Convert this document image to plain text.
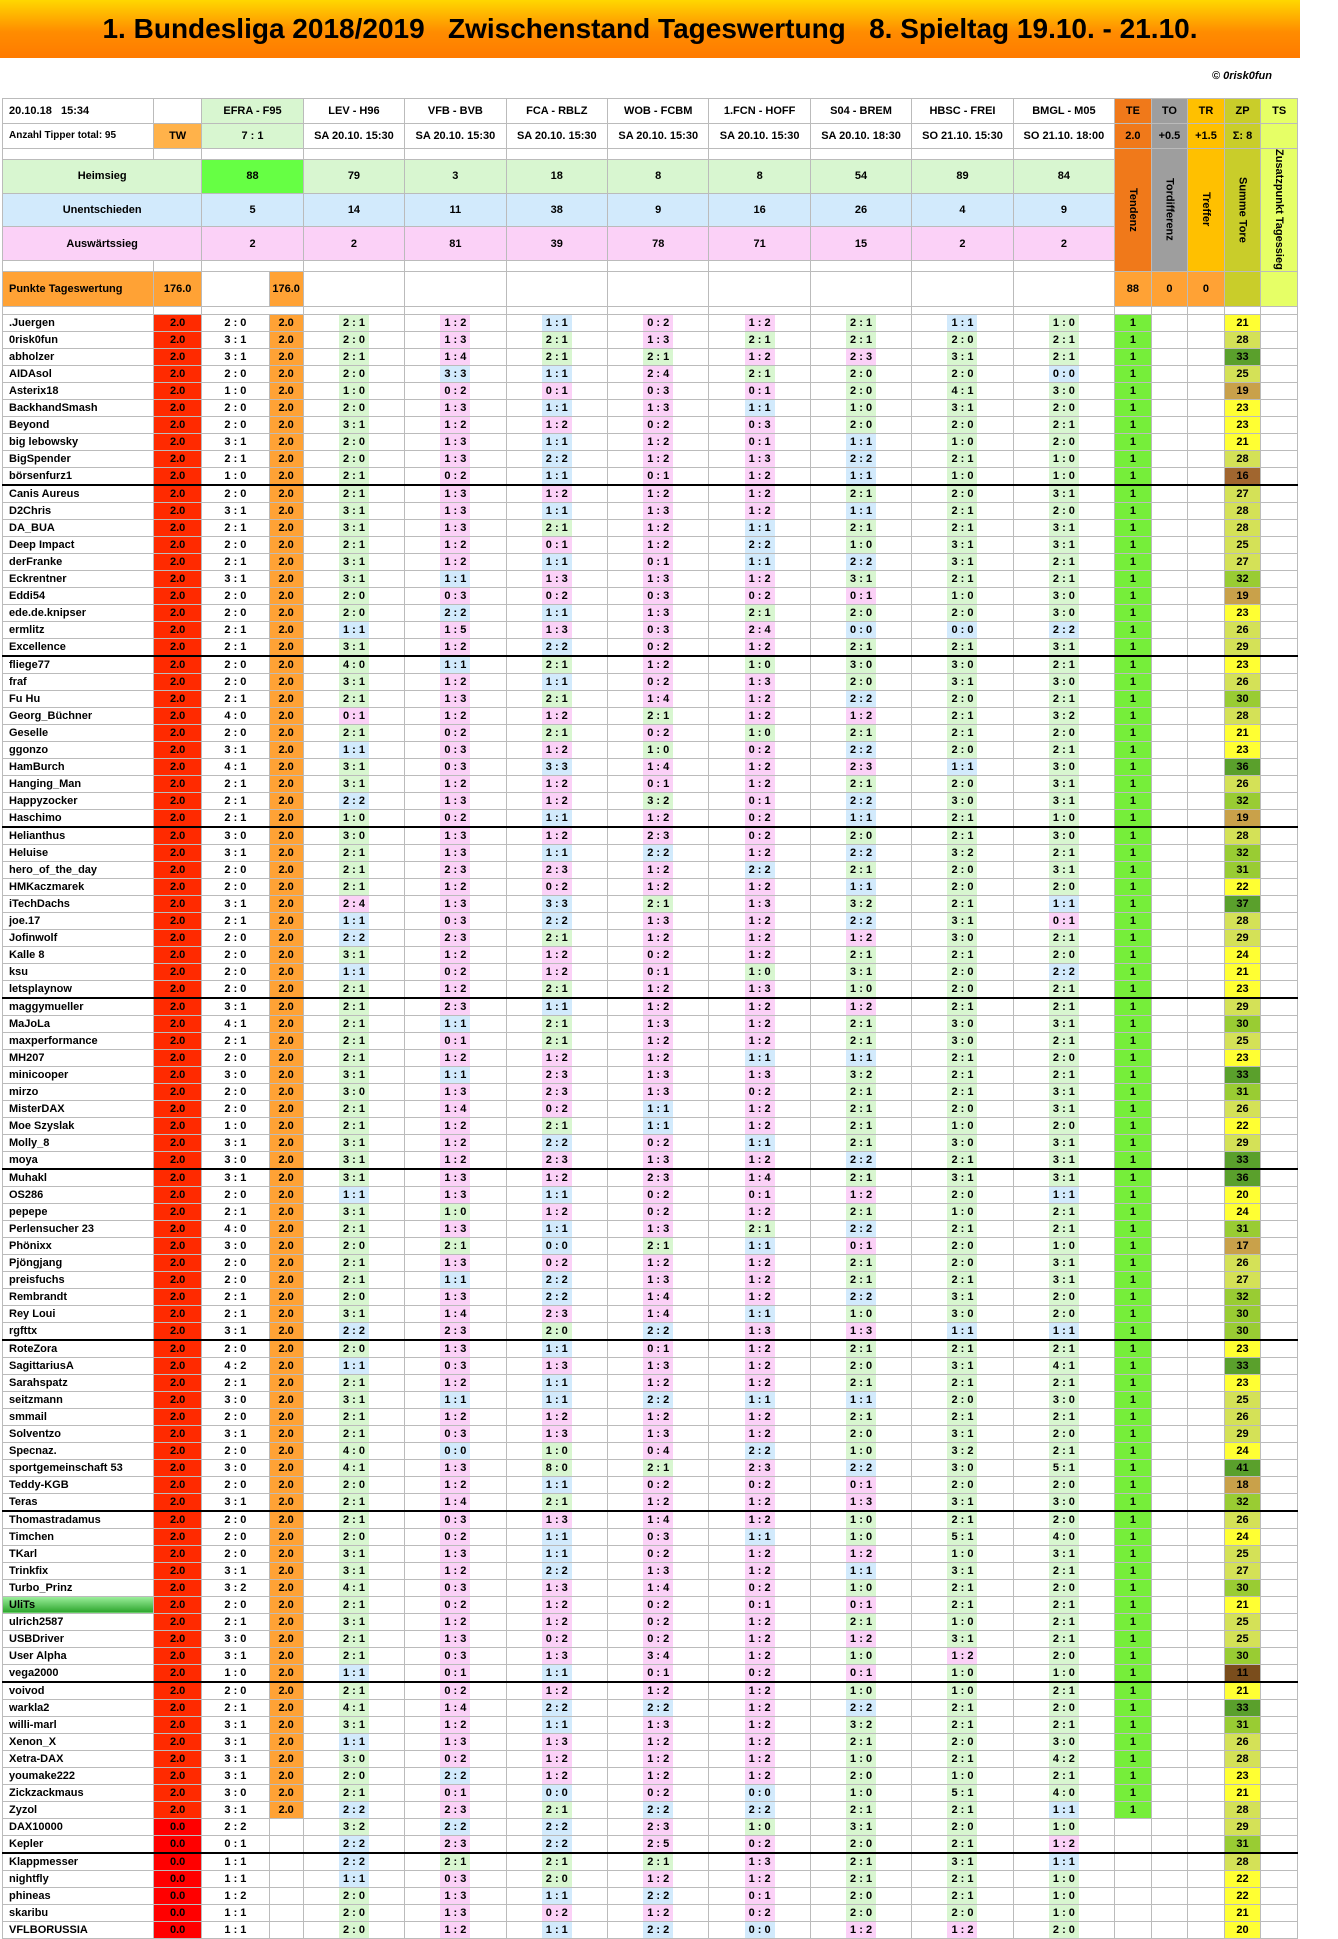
1. Bundesliga 2018/2019   Zwischenstand Tageswertung   8. Spieltag 19.10. - 21.10.
© 0risk0fun
20.10.18 15:34		EFRA - F95		LEV - H96	VFB - BVB	FCA - RBLZ	WOB - FCBM	1.FCN - HOFF	S04 - BREM	HBSC - FREI	BMGL - M05	TE	TO	TR	ZP	TS
Anzahl Tipper total: 95	TW	7 : 1		SA 20.10. 15:30	SA 20.10. 15:30	SA 20.10. 15:30	SA 20.10. 15:30	SA 20.10. 15:30	SA 20.10. 18:30	SO 21.10. 15:30	SO 21.10. 18:00	2.0	+0.5	+1.5	Σ: 8	
												Tendenz	Tordifferenz	Treffer	Summe Tore	Zusatzpunkt Tagessieg
Heimsieg		88		79	3	18	8	8	54	89	84					
Unentschieden		5		14	11	38	9	16	26	4	9					
Auswärtssieg		2		2	81	39	78	71	15	2	2					

Punkte Tageswertung	176.0		176.0									88	0	0		

.Juergen	2.0	2 : 0	2.0	2 : 1	1 : 2	1 : 1	0 : 2	1 : 2	2 : 1	1 : 1	1 : 0	1			21	
0risk0fun	2.0	3 : 1	2.0	2 : 0	1 : 3	2 : 1	1 : 3	2 : 1	2 : 1	2 : 0	2 : 1	1			28	
abholzer	2.0	3 : 1	2.0	2 : 1	1 : 4	2 : 1	2 : 1	1 : 2	2 : 3	3 : 1	2 : 1	1			33	
AIDAsol	2.0	2 : 0	2.0	2 : 0	3 : 3	1 : 1	2 : 4	2 : 1	2 : 0	2 : 0	0 : 0	1			25	
Asterix18	2.0	1 : 0	2.0	1 : 0	0 : 2	0 : 1	0 : 3	0 : 1	2 : 0	4 : 1	3 : 0	1			19	
BackhandSmash	2.0	2 : 0	2.0	2 : 0	1 : 3	1 : 1	1 : 3	1 : 1	1 : 0	3 : 1	2 : 0	1			23	
Beyond	2.0	2 : 0	2.0	3 : 1	1 : 2	1 : 2	0 : 2	0 : 3	2 : 0	2 : 0	2 : 1	1			23	
big lebowsky	2.0	3 : 1	2.0	2 : 0	1 : 3	1 : 1	1 : 2	0 : 1	1 : 1	1 : 0	2 : 0	1			21	
BigSpender	2.0	2 : 1	2.0	2 : 0	1 : 3	2 : 2	1 : 2	1 : 3	2 : 2	2 : 1	1 : 0	1			28	
börsenfurz1	2.0	1 : 0	2.0	2 : 1	0 : 2	1 : 1	0 : 1	1 : 2	1 : 1	1 : 0	1 : 0	1			16	
Canis Aureus	2.0	2 : 0	2.0	2 : 1	1 : 3	1 : 2	1 : 2	1 : 2	2 : 1	2 : 0	3 : 1	1			27	
D2Chris	2.0	3 : 1	2.0	3 : 1	1 : 3	1 : 1	1 : 3	1 : 2	1 : 1	2 : 1	2 : 0	1			28	
DA_BUA	2.0	2 : 1	2.0	3 : 1	1 : 3	2 : 1	1 : 2	1 : 1	2 : 1	2 : 1	3 : 1	1			28	
Deep Impact	2.0	2 : 0	2.0	2 : 1	1 : 2	0 : 1	1 : 2	2 : 2	1 : 0	3 : 1	3 : 1	1			25	
derFranke	2.0	2 : 1	2.0	3 : 1	1 : 2	1 : 1	0 : 1	1 : 1	2 : 2	3 : 1	2 : 1	1			27	
Eckrentner	2.0	3 : 1	2.0	3 : 1	1 : 1	1 : 3	1 : 3	1 : 2	3 : 1	2 : 1	2 : 1	1			32	
Eddi54	2.0	2 : 0	2.0	2 : 0	0 : 3	0 : 2	0 : 3	0 : 2	0 : 1	1 : 0	3 : 0	1			19	
ede.de.knipser	2.0	2 : 0	2.0	2 : 0	2 : 2	1 : 1	1 : 3	2 : 1	2 : 0	2 : 0	3 : 0	1			23	
ermlitz	2.0	2 : 1	2.0	1 : 1	1 : 5	1 : 3	0 : 3	2 : 4	0 : 0	0 : 0	2 : 2	1			26	
Excellence	2.0	2 : 1	2.0	3 : 1	1 : 2	2 : 2	0 : 2	1 : 2	2 : 1	2 : 1	3 : 1	1			29	
fliege77	2.0	2 : 0	2.0	4 : 0	1 : 1	2 : 1	1 : 2	1 : 0	3 : 0	3 : 0	2 : 1	1			23	
fraf	2.0	2 : 0	2.0	3 : 1	1 : 2	1 : 1	0 : 2	1 : 3	2 : 0	3 : 1	3 : 0	1			26	
Fu Hu	2.0	2 : 1	2.0	2 : 1	1 : 3	2 : 1	1 : 4	1 : 2	2 : 2	2 : 0	2 : 1	1			30	
Georg_Büchner	2.0	4 : 0	2.0	0 : 1	1 : 2	1 : 2	2 : 1	1 : 2	1 : 2	2 : 1	3 : 2	1			28	
Geselle	2.0	2 : 0	2.0	2 : 1	0 : 2	2 : 1	0 : 2	1 : 0	2 : 1	2 : 1	2 : 0	1			21	
ggonzo	2.0	3 : 1	2.0	1 : 1	0 : 3	1 : 2	1 : 0	0 : 2	2 : 2	2 : 0	2 : 1	1			23	
HamBurch	2.0	4 : 1	2.0	3 : 1	0 : 3	3 : 3	1 : 4	1 : 2	2 : 3	1 : 1	3 : 0	1			36	
Hanging_Man	2.0	2 : 1	2.0	3 : 1	1 : 2	1 : 2	0 : 1	1 : 2	2 : 1	2 : 0	3 : 1	1			26	
Happyzocker	2.0	2 : 1	2.0	2 : 2	1 : 3	1 : 2	3 : 2	0 : 1	2 : 2	3 : 0	3 : 1	1			32	
Haschimo	2.0	2 : 1	2.0	1 : 0	0 : 2	1 : 1	1 : 2	0 : 2	1 : 1	2 : 1	1 : 0	1			19	
Helianthus	2.0	3 : 0	2.0	3 : 0	1 : 3	1 : 2	2 : 3	0 : 2	2 : 0	2 : 1	3 : 0	1			28	
Heluise	2.0	3 : 1	2.0	2 : 1	1 : 3	1 : 1	2 : 2	1 : 2	2 : 2	3 : 2	2 : 1	1			32	
hero_of_the_day	2.0	2 : 0	2.0	2 : 1	2 : 3	2 : 3	1 : 2	2 : 2	2 : 1	2 : 0	3 : 1	1			31	
HMKaczmarek	2.0	2 : 0	2.0	2 : 1	1 : 2	0 : 2	1 : 2	1 : 2	1 : 1	2 : 0	2 : 0	1			22	
iTechDachs	2.0	3 : 1	2.0	2 : 4	1 : 3	3 : 3	2 : 1	1 : 3	3 : 2	2 : 1	1 : 1	1			37	
joe.17	2.0	2 : 1	2.0	1 : 1	0 : 3	2 : 2	1 : 3	1 : 2	2 : 2	3 : 1	0 : 1	1			28	
Jofinwolf	2.0	2 : 0	2.0	2 : 2	2 : 3	2 : 1	1 : 2	1 : 2	1 : 2	3 : 0	2 : 1	1			29	
Kalle 8	2.0	2 : 0	2.0	3 : 1	1 : 2	1 : 2	0 : 2	1 : 2	2 : 1	2 : 1	2 : 0	1			24	
ksu	2.0	2 : 0	2.0	1 : 1	0 : 2	1 : 2	0 : 1	1 : 0	3 : 1	2 : 0	2 : 2	1			21	
letsplaynow	2.0	2 : 0	2.0	2 : 1	1 : 2	2 : 1	1 : 2	1 : 3	1 : 0	2 : 0	2 : 1	1			23	
maggymueller	2.0	3 : 1	2.0	2 : 1	2 : 3	1 : 1	1 : 2	1 : 2	1 : 2	2 : 1	2 : 1	1			29	
MaJoLa	2.0	4 : 1	2.0	2 : 1	1 : 1	2 : 1	1 : 3	1 : 2	2 : 1	3 : 0	3 : 1	1			30	
maxperformance	2.0	2 : 1	2.0	2 : 1	0 : 1	2 : 1	1 : 2	1 : 2	2 : 1	3 : 0	2 : 1	1			25	
MH207	2.0	2 : 0	2.0	2 : 1	1 : 2	1 : 2	1 : 2	1 : 1	1 : 1	2 : 1	2 : 0	1			23	
minicooper	2.0	3 : 0	2.0	3 : 1	1 : 1	2 : 3	1 : 3	1 : 3	3 : 2	2 : 1	2 : 1	1			33	
mirzo	2.0	2 : 0	2.0	3 : 0	1 : 3	2 : 3	1 : 3	0 : 2	2 : 1	2 : 1	3 : 1	1			31	
MisterDAX	2.0	2 : 0	2.0	2 : 1	1 : 4	0 : 2	1 : 1	1 : 2	2 : 1	2 : 0	3 : 1	1			26	
Moe Szyslak	2.0	1 : 0	2.0	2 : 1	1 : 2	2 : 1	1 : 1	1 : 2	2 : 1	1 : 0	2 : 0	1			22	
Molly_8	2.0	3 : 1	2.0	3 : 1	1 : 2	2 : 2	0 : 2	1 : 1	2 : 1	3 : 0	3 : 1	1			29	
moya	2.0	3 : 0	2.0	3 : 1	1 : 2	2 : 3	1 : 3	1 : 2	2 : 2	2 : 1	3 : 1	1			33	
Muhakl	2.0	3 : 1	2.0	3 : 1	1 : 3	1 : 2	2 : 3	1 : 4	2 : 1	3 : 1	3 : 1	1			36	
OS286	2.0	2 : 0	2.0	1 : 1	1 : 3	1 : 1	0 : 2	0 : 1	1 : 2	2 : 0	1 : 1	1			20	
pepepe	2.0	2 : 1	2.0	3 : 1	1 : 0	1 : 2	0 : 2	1 : 2	2 : 1	1 : 0	2 : 1	1			24	
Perlensucher 23	2.0	4 : 0	2.0	2 : 1	1 : 3	1 : 1	1 : 3	2 : 1	2 : 2	2 : 1	2 : 1	1			31	
Phönixx	2.0	3 : 0	2.0	2 : 0	2 : 1	0 : 0	2 : 1	1 : 1	0 : 1	2 : 0	1 : 0	1			17	
Pjöngjang	2.0	2 : 0	2.0	2 : 1	1 : 3	0 : 2	1 : 2	1 : 2	2 : 1	2 : 0	3 : 1	1			26	
preisfuchs	2.0	2 : 0	2.0	2 : 1	1 : 1	2 : 2	1 : 3	1 : 2	2 : 1	2 : 1	3 : 1	1			27	
Rembrandt	2.0	2 : 1	2.0	2 : 0	1 : 3	2 : 2	1 : 4	1 : 2	2 : 2	3 : 1	2 : 0	1			32	
Rey Loui	2.0	2 : 1	2.0	3 : 1	1 : 4	2 : 3	1 : 4	1 : 1	1 : 0	3 : 0	2 : 0	1			30	
rgfttx	2.0	3 : 1	2.0	2 : 2	2 : 3	2 : 0	2 : 2	1 : 3	1 : 3	1 : 1	1 : 1	1			30	
RoteZora	2.0	2 : 0	2.0	2 : 0	1 : 3	1 : 1	0 : 1	1 : 2	2 : 1	2 : 1	2 : 1	1			23	
SagittariusA	2.0	4 : 2	2.0	1 : 1	0 : 3	1 : 3	1 : 3	1 : 2	2 : 0	3 : 1	4 : 1	1			33	
Sarahspatz	2.0	2 : 1	2.0	2 : 1	1 : 2	1 : 1	1 : 2	1 : 2	2 : 1	2 : 1	2 : 1	1			23	
seitzmann	2.0	3 : 0	2.0	3 : 1	1 : 1	1 : 1	2 : 2	1 : 1	1 : 1	2 : 0	3 : 0	1			25	
smmail	2.0	2 : 0	2.0	2 : 1	1 : 2	1 : 2	1 : 2	1 : 2	2 : 1	2 : 1	2 : 1	1			26	
Solventzo	2.0	3 : 1	2.0	2 : 1	0 : 3	1 : 3	1 : 3	1 : 2	2 : 0	3 : 1	2 : 0	1			29	
Specnaz.	2.0	2 : 0	2.0	4 : 0	0 : 0	1 : 0	0 : 4	2 : 2	1 : 0	3 : 2	2 : 1	1			24	
sportgemeinschaft 53	2.0	3 : 0	2.0	4 : 1	1 : 3	8 : 0	2 : 1	2 : 3	2 : 2	3 : 0	5 : 1	1			41	
Teddy-KGB	2.0	2 : 0	2.0	2 : 0	1 : 2	1 : 1	0 : 2	0 : 2	0 : 1	2 : 0	2 : 0	1			18	
Teras	2.0	3 : 1	2.0	2 : 1	1 : 4	2 : 1	1 : 2	1 : 2	1 : 3	3 : 1	3 : 0	1			32	
Thomastradamus	2.0	2 : 0	2.0	2 : 1	0 : 3	1 : 3	1 : 4	1 : 2	1 : 0	2 : 1	2 : 0	1			26	
Timchen	2.0	2 : 0	2.0	2 : 0	0 : 2	1 : 1	0 : 3	1 : 1	1 : 0	5 : 1	4 : 0	1			24	
TKarl	2.0	2 : 0	2.0	3 : 1	1 : 3	1 : 1	0 : 2	1 : 2	1 : 2	1 : 0	3 : 1	1			25	
Trinkfix	2.0	3 : 1	2.0	3 : 1	1 : 2	2 : 2	1 : 3	1 : 2	1 : 1	3 : 1	2 : 1	1			27	
Turbo_Prinz	2.0	3 : 2	2.0	4 : 1	0 : 3	1 : 3	1 : 4	0 : 2	1 : 0	2 : 1	2 : 0	1			30	
UliTs	2.0	2 : 0	2.0	2 : 1	0 : 2	1 : 2	0 : 2	0 : 1	0 : 1	2 : 1	2 : 1	1			21	
ulrich2587	2.0	2 : 1	2.0	3 : 1	1 : 2	1 : 2	0 : 2	1 : 2	2 : 1	1 : 0	2 : 1	1			25	
USBDriver	2.0	3 : 0	2.0	2 : 1	1 : 3	0 : 2	0 : 2	1 : 2	1 : 2	3 : 1	2 : 1	1			25	
User Alpha	2.0	3 : 1	2.0	2 : 1	0 : 3	1 : 3	3 : 4	1 : 2	1 : 0	1 : 2	2 : 0	1			30	
vega2000	2.0	1 : 0	2.0	1 : 1	0 : 1	1 : 1	0 : 1	0 : 2	0 : 1	1 : 0	1 : 0	1			11	
voivod	2.0	2 : 0	2.0	2 : 1	0 : 2	1 : 2	1 : 2	1 : 2	1 : 0	1 : 0	2 : 1	1			21	
warkla2	2.0	2 : 1	2.0	4 : 1	1 : 4	2 : 2	2 : 2	1 : 2	2 : 2	2 : 1	2 : 0	1			33	
willi-marl	2.0	3 : 1	2.0	3 : 1	1 : 2	1 : 1	1 : 3	1 : 2	3 : 2	2 : 1	2 : 1	1			31	
Xenon_X	2.0	3 : 1	2.0	1 : 1	1 : 3	1 : 3	1 : 2	1 : 2	2 : 1	2 : 0	3 : 0	1			26	
Xetra-DAX	2.0	3 : 1	2.0	3 : 0	0 : 2	1 : 2	1 : 2	1 : 2	1 : 0	2 : 1	4 : 2	1			28	
youmake222	2.0	3 : 1	2.0	2 : 0	2 : 2	1 : 2	1 : 2	1 : 2	2 : 0	1 : 0	2 : 1	1			23	
Zickzackmaus	2.0	3 : 0	2.0	2 : 1	0 : 1	0 : 0	0 : 2	0 : 0	1 : 0	5 : 1	4 : 0	1			21	
Zyzol	2.0	3 : 1	2.0	2 : 2	2 : 3	2 : 1	2 : 2	2 : 2	2 : 1	2 : 1	1 : 1	1			28	
DAX10000	0.0	2 : 2		3 : 2	2 : 2	2 : 2	2 : 3	1 : 0	3 : 1	2 : 0	1 : 0				29	
Kepler	0.0	0 : 1		2 : 2	2 : 3	2 : 2	2 : 5	0 : 2	2 : 0	2 : 1	1 : 2				31	
Klappmesser	0.0	1 : 1		2 : 2	2 : 1	2 : 1	2 : 1	1 : 3	2 : 1	3 : 1	1 : 1				28	
nightfly	0.0	1 : 1		1 : 1	0 : 3	2 : 0	1 : 2	1 : 2	2 : 1	2 : 1	1 : 0				22	
phineas	0.0	1 : 2		2 : 0	1 : 3	1 : 1	2 : 2	0 : 1	2 : 0	2 : 1	1 : 0				22	
skaribu	0.0	1 : 1		2 : 0	1 : 3	0 : 2	1 : 2	0 : 2	2 : 0	2 : 0	1 : 0				21	
VFLBORUSSIA	0.0	1 : 1		2 : 0	1 : 2	1 : 1	2 : 2	0 : 0	1 : 2	1 : 2	2 : 0				20	
